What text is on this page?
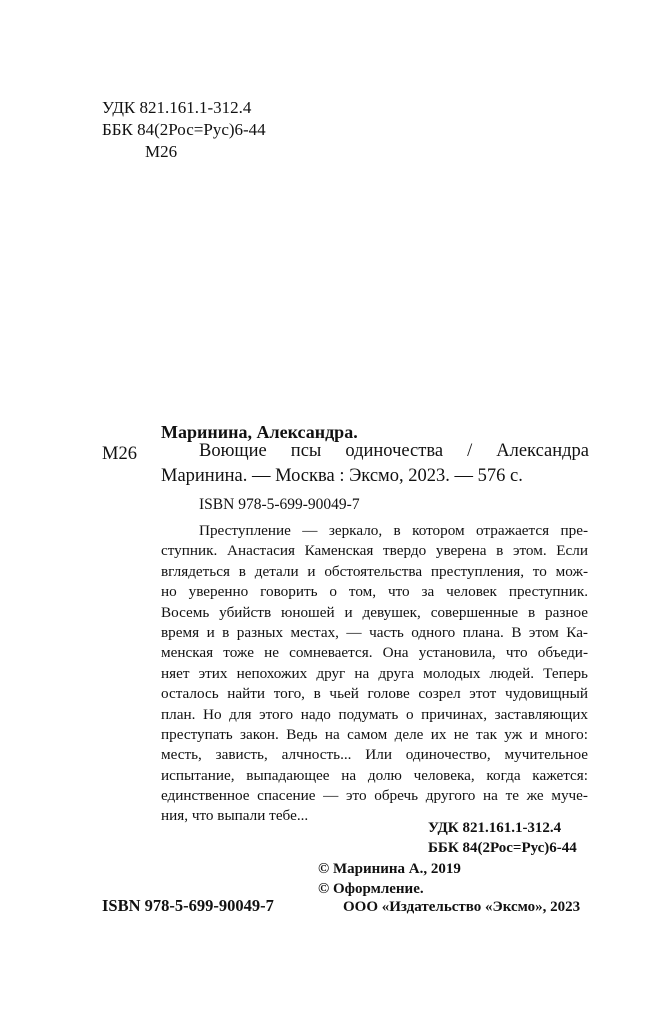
УДК 821.161.1-312.4
ББК 84(2Рос=Рус)6-44
М26
Маринина, Александра.
М26	Воющие псы одиночества / Александра
Маринина. — Москва : Эксмо, 2023. — 576 с.
ISBN 978-5-699-90049-7
Преступление — зеркало, в котором отражается пре-
ступник. Анастасия Каменская твердо уверена в этом. Если
вглядеться в детали и обстоятельства преступления, то мож-
но уверенно говорить о том, что за человек преступник.
Восемь убийств юношей и девушек, совершенные в разное
время и в разных местах, — часть одного плана. В этом Ка-
менская тоже не сомневается. Она установила, что объеди-
няет этих непохожих друг на друга молодых людей. Теперь
осталось найти того, в чьей голове созрел этот чудовищный
план. Но для этого надо подумать о причинах, заставляющих
преступать закон. Ведь на самом деле их не так уж и много:
месть, зависть, алчность... Или одиночество, мучительное
испытание, выпадающее на долю человека, когда кажется:
единственное спасение — это обречь другого на те же муче-
ния, что выпали тебе...
УДК 821.161.1-312.4
ББК 84(2Рос=Рус)6-44
© Маринина А., 2019
© Оформление.
ООО «Издательство «Эксмо», 2023
ISBN 978-5-699-90049-7
